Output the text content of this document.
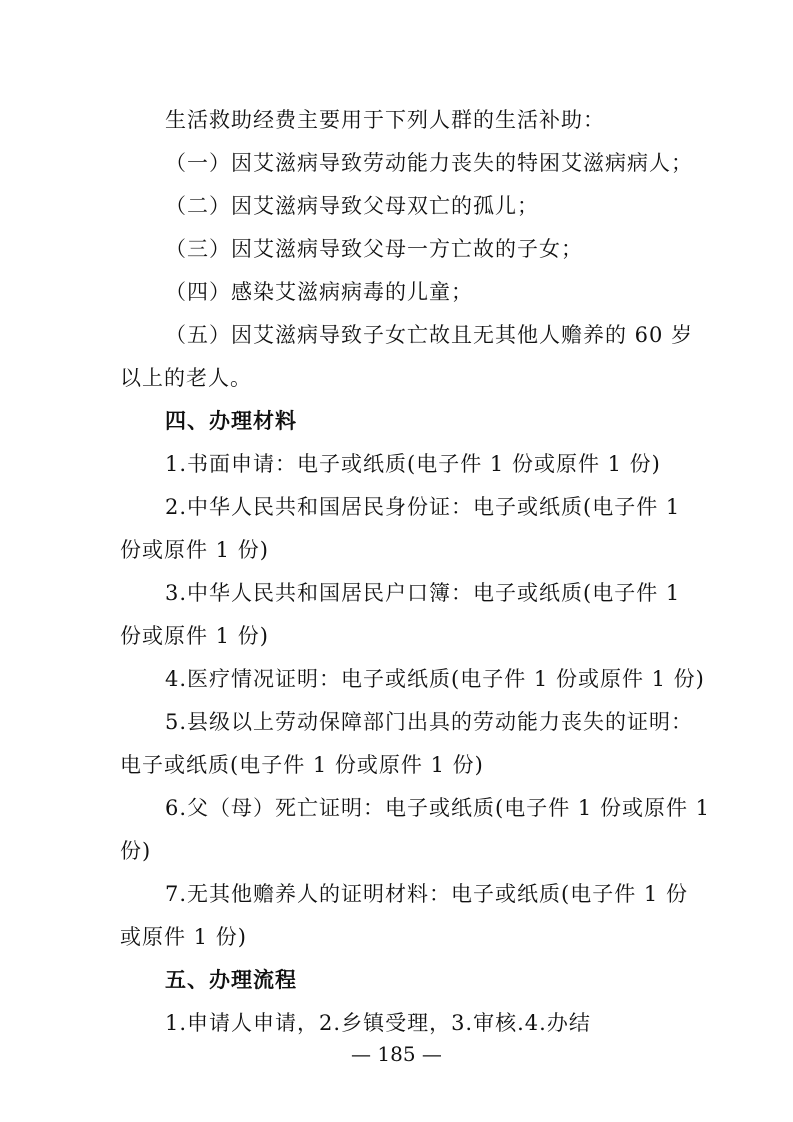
生活救助经费主要用于下列人群的生活补助：
（一）因艾滋病导致劳动能力丧失的特困艾滋病病人；
（二）因艾滋病导致父母双亡的孤儿；
（三）因艾滋病导致父母一方亡故的子女；
（四）感染艾滋病病毒的儿童；
（五）因艾滋病导致子女亡故且无其他人赡养的 60 岁
以上的老人。
四、办理材料
1.书面申请：电子或纸质(电子件 1 份或原件 1 份)
2.中华人民共和国居民身份证：电子或纸质(电子件 1
份或原件 1 份)
3.中华人民共和国居民户口簿：电子或纸质(电子件 1
份或原件 1 份)
4.医疗情况证明：电子或纸质(电子件 1 份或原件 1 份)
5.县级以上劳动保障部门出具的劳动能力丧失的证明：
电子或纸质(电子件 1 份或原件 1 份)
6.父（母）死亡证明：电子或纸质(电子件 1 份或原件 1
份)
7.无其他赡养人的证明材料：电子或纸质(电子件 1 份
或原件 1 份)
五、办理流程
1.申请人申请，2.乡镇受理，3.审核.4.办结
— 185 —
